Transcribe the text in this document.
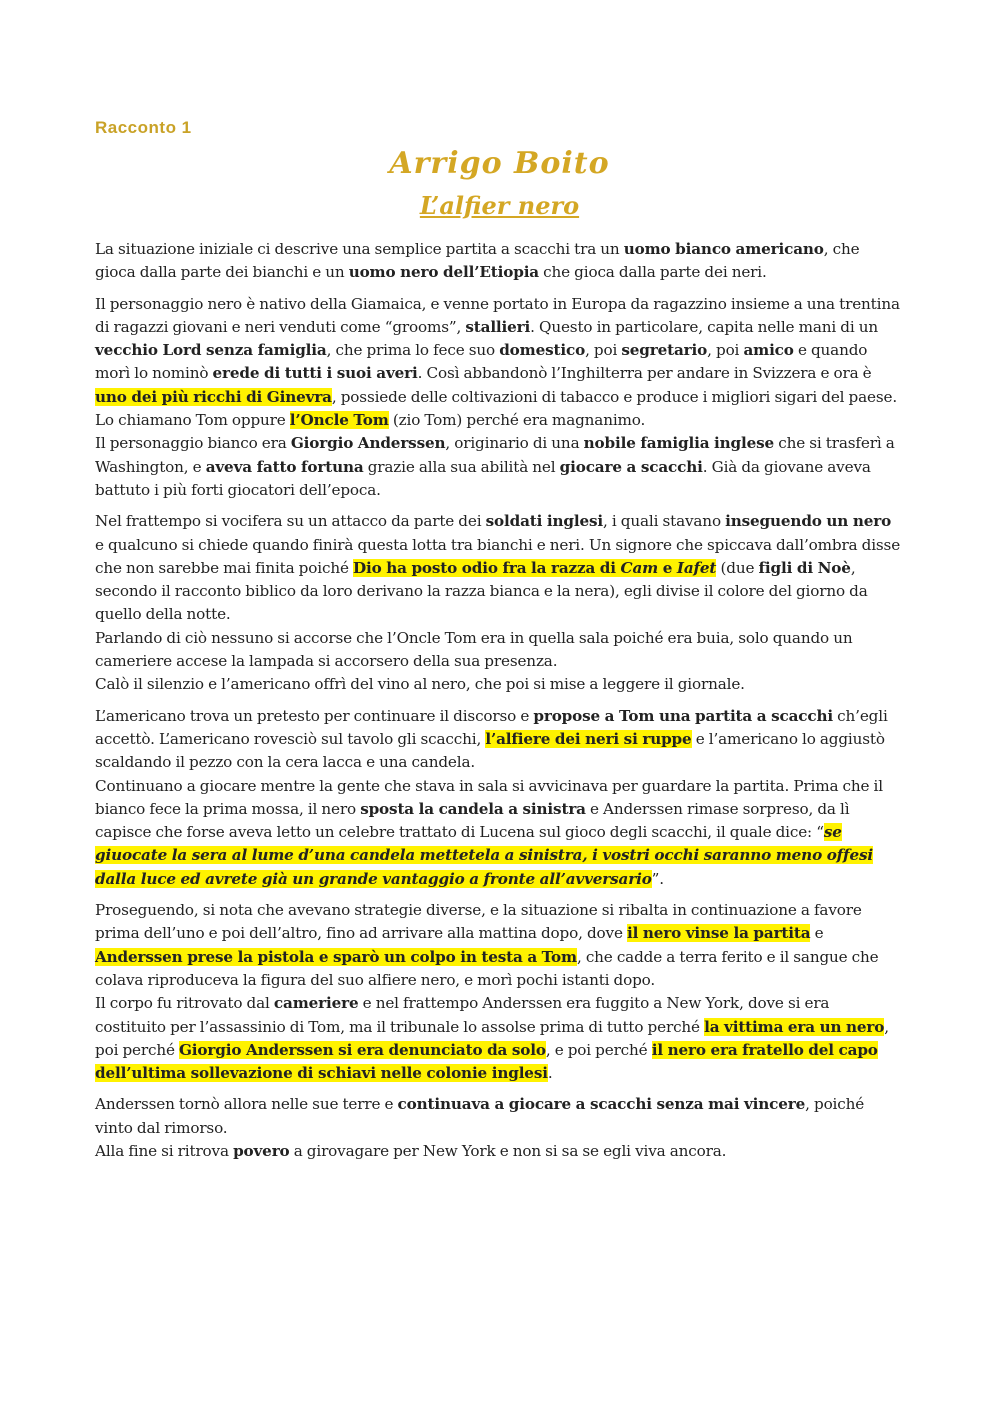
Racconto 1
Arrigo Boito
L’alfier nero

La situazione iniziale ci descrive una semplice partita a scacchi tra un uomo bianco americano, che gioca dalla parte dei bianchi e un uomo nero dell’Etiopia che gioca dalla parte dei neri.

Il personaggio nero è nativo della Giamaica, e venne portato in Europa da ragazzino insieme a una trentina di ragazzi giovani e neri venduti come “grooms”, stallieri. Questo in particolare, capita nelle mani di un vecchio Lord senza famiglia, che prima lo fece suo domestico, poi segretario, poi amico e quando morì lo nominò erede di tutti i suoi averi. Così abbandonò l’Inghilterra per andare in Svizzera e ora è uno dei più ricchi di Ginevra, possiede delle coltivazioni di tabacco e produce i migliori sigari del paese. Lo chiamano Tom oppure l’Oncle Tom (zio Tom) perché era magnanimo.
Il personaggio bianco era Giorgio Anderssen, originario di una nobile famiglia inglese che si trasferì a Washington, e aveva fatto fortuna grazie alla sua abilità nel giocare a scacchi. Già da giovane aveva battuto i più forti giocatori dell’epoca.

Nel frattempo si vocifera su un attacco da parte dei soldati inglesi, i quali stavano inseguendo un nero e qualcuno si chiede quando finirà questa lotta tra bianchi e neri. Un signore che spiccava dall’ombra disse che non sarebbe mai finita poiché Dio ha posto odio fra la razza di Cam e Iafet (due figli di Noè, secondo il racconto biblico da loro derivano la razza bianca e la nera), egli divise il colore del giorno da quello della notte.
Parlando di ciò nessuno si accorse che l’Oncle Tom era in quella sala poiché era buia, solo quando un cameriere accese la lampada si accorsero della sua presenza.
Calò il silenzio e l’americano offrì del vino al nero, che poi si mise a leggere il giornale.

L’americano trova un pretesto per continuare il discorso e propose a Tom una partita a scacchi ch’egli accettò. L’americano rovesciò sul tavolo gli scacchi, l’alfiere dei neri si ruppe e l’americano lo aggiustò scaldando il pezzo con la cera lacca e una candela.
Continuano a giocare mentre la gente che stava in sala si avvicinava per guardare la partita. Prima che il bianco fece la prima mossa, il nero sposta la candela a sinistra e Anderssen rimase sorpreso, da lì capisce che forse aveva letto un celebre trattato di Lucena sul gioco degli scacchi, il quale dice: “se giuocate la sera al lume d’una candela mettetela a sinistra, i vostri occhi saranno meno offesi dalla luce ed avrete già un grande vantaggio a fronte all’avversario”.

Proseguendo, si nota che avevano strategie diverse, e la situazione si ribalta in continuazione a favore prima dell’uno e poi dell’altro, fino ad arrivare alla mattina dopo, dove il nero vinse la partita e Anderssen prese la pistola e sparò un colpo in testa a Tom, che cadde a terra ferito e il sangue che colava riproduceva la figura del suo alfiere nero, e morì pochi istanti dopo.
Il corpo fu ritrovato dal cameriere e nel frattempo Anderssen era fuggito a New York, dove si era costituito per l’assassinio di Tom, ma il tribunale lo assolse prima di tutto perché la vittima era un nero, poi perché Giorgio Anderssen si era denunciato da solo, e poi perché il nero era fratello del capo dell’ultima sollevazione di schiavi nelle colonie inglesi.

Anderssen tornò allora nelle sue terre e continuava a giocare a scacchi senza mai vincere, poiché vinto dal rimorso.
Alla fine si ritrova povero a girovagare per New York e non si sa se egli viva ancora.
